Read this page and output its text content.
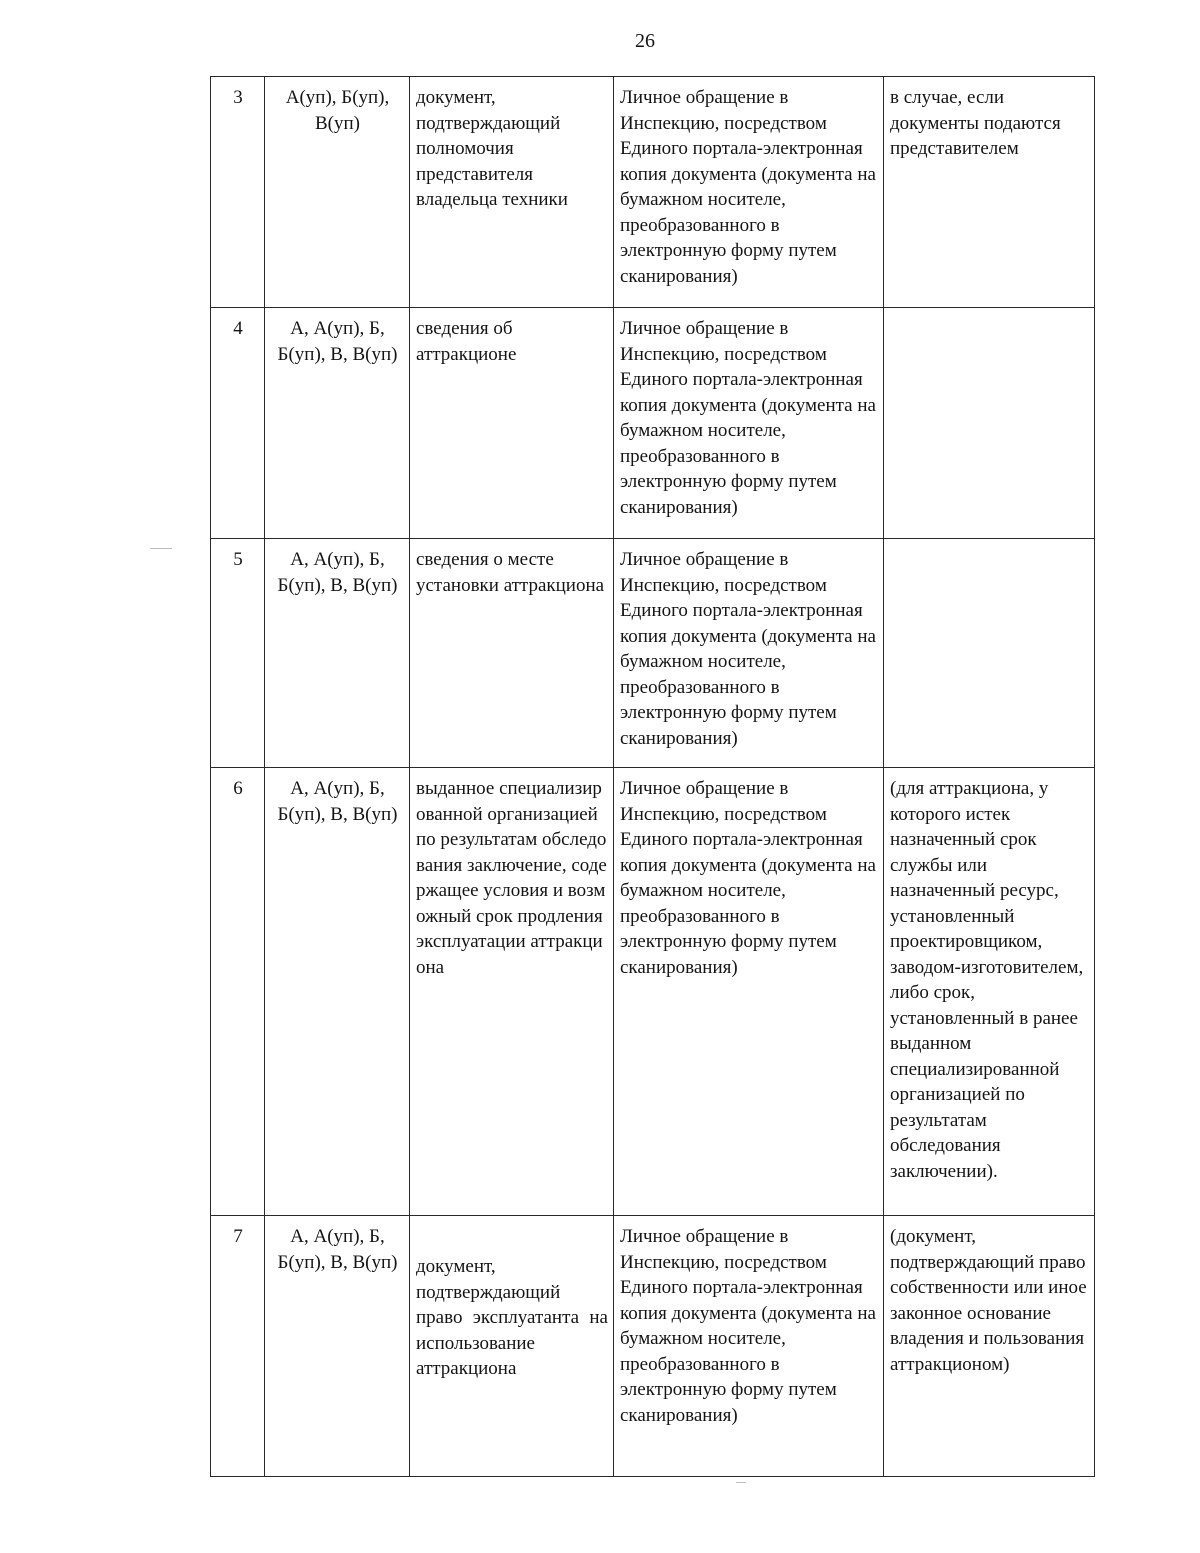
26
3	А(уп), Б(уп), В(уп)	документ, подтверждающий полномочия представителя владельца техники	Личное обращение в Инспекцию, посредством Единого портала-электронная копия документа (документа на бумажном носителе, преобразованного в электронную форму путем сканирования)	в случае, если документы подаются представителем
4	А, А(уп), Б, Б(уп), В, В(уп)	сведения об аттракционе	Личное обращение в Инспекцию, посредством Единого портала-электронная копия документа (документа на бумажном носителе, преобразованного в электронную форму путем сканирования)	
5	А, А(уп), Б, Б(уп), В, В(уп)	сведения о месте установки аттракциона	Личное обращение в Инспекцию, посредством Единого портала-электронная копия документа (документа на бумажном носителе, преобразованного в электронную форму путем сканирования)	
6	А, А(уп), Б, Б(уп), В, В(уп)	выданное специализированной организацией по результатам обследования заключение, содержащее условия и возможный срок продления эксплуатации аттракциона	Личное обращение в Инспекцию, посредством Единого портала-электронная копия документа (документа на бумажном носителе, преобразованного в электронную форму путем сканирования)	(для аттракциона, у которого истек назначенный срок службы или назначенный ресурс, установленный проектировщиком, заводом-изготовителем, либо срок, установленный в ранее выданном специализированной организацией по результатам обследования заключении).
7	А, А(уп), Б, Б(уп), В, В(уп)	документ, подтверждающий право эксплуатанта на использование аттракциона	Личное обращение в Инспекцию, посредством Единого портала-электронная копия документа (документа на бумажном носителе, преобразованного в электронную форму путем сканирования)	(документ, подтверждающий право собственности или иное законное основание владения и пользования аттракционом)
